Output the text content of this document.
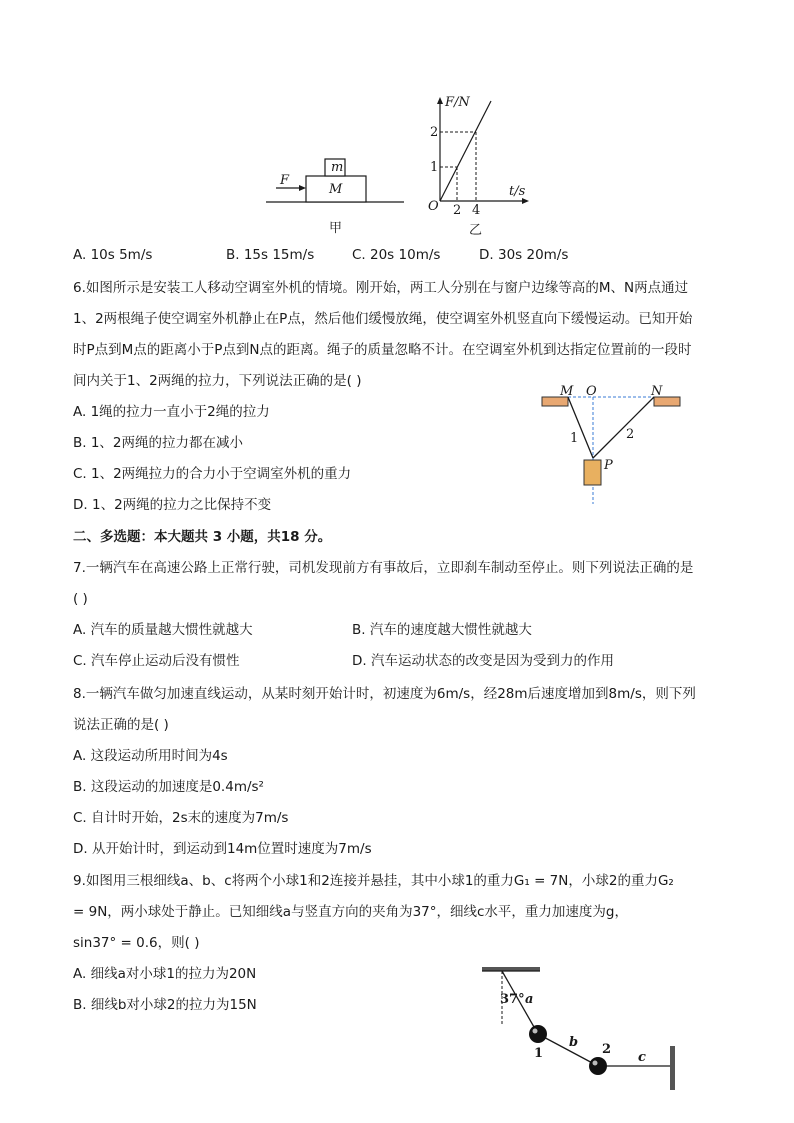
m
M
F
甲
F/N
t/s
O
1
2
2 4
乙
A. 10s 5m/s	B. 15s 15m/s	C. 20s 10m/s	D. 30s 20m/s
6.如图所示是安装工人移动空调室外机的情境。刚开始，两工人分别在与窗户边缘等高的M、N两点通过
1、2两根绳子使空调室外机静止在P点，然后他们缓慢放绳，使空调室外机竖直向下缓慢运动。已知开始
时P点到M点的距离小于P点到N点的距离。绳子的质量忽略不计。在空调室外机到达指定位置前的一段时
间内关于1、2两绳的拉力，下列说法正确的是( )
A. 1绳的拉力一直小于2绳的拉力
B. 1、2两绳的拉力都在减小
C. 1、2两绳拉力的合力小于空调室外机的重力
D. 1、2两绳的拉力之比保持不变
M O	N
1	2
P
二、多选题：本大题共 3 小题，共18 分。
7.一辆汽车在高速公路上正常行驶，司机发现前方有事故后，立即刹车制动至停止。则下列说法正确的是
( )
A. 汽车的质量越大惯性就越大	B. 汽车的速度越大惯性就越大
C. 汽车停止运动后没有惯性	D. 汽车运动状态的改变是因为受到力的作用
8.一辆汽车做匀加速直线运动，从某时刻开始计时，初速度为6m/s，经28m后速度增加到8m/s，则下列
说法正确的是( )
A. 这段运动所用时间为4s
B. 这段运动的加速度是0.4m/s²
C. 自计时开始，2s末的速度为7m/s
D. 从开始计时，到运动到14m位置时速度为7m/s
9.如图用三根细线a、b、c将两个小球1和2连接并悬挂，其中小球1的重力G₁ = 7N，小球2的重力G₂
= 9N，两小球处于静止。已知细线a与竖直方向的夹角为37°，细线c水平，重力加速度为g，
sin37° = 0.6，则( )
A. 细线a对小球1的拉力为20N
B. 细线b对小球2的拉力为15N	37° a
b
c
1	2
